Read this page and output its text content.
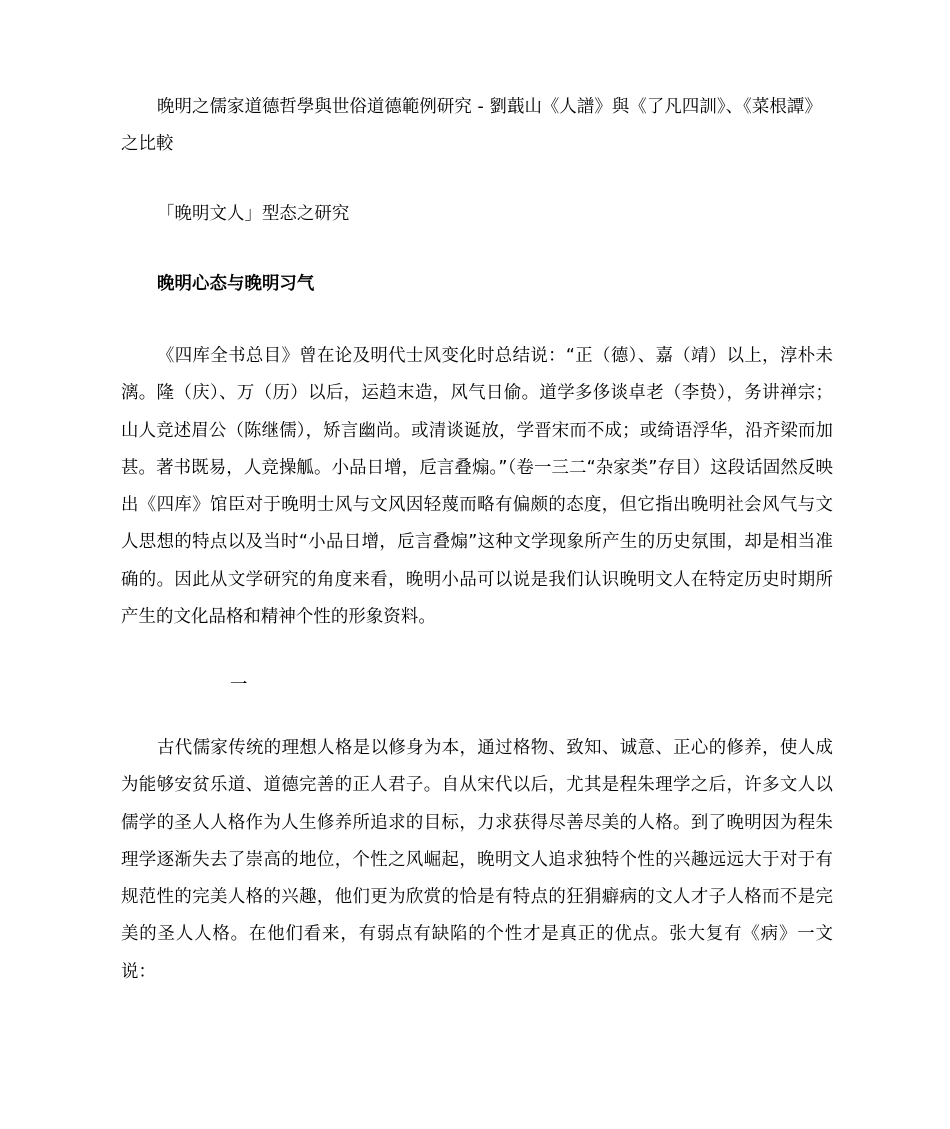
晚明之儒家道德哲學與世俗道德範例研究 - 劉蕺山《人譜》與《了凡四訓》、《菜根譚》之比較

「晚明文人」型态之研究

晚明心态与晚明习气

《四库全书总目》曾在论及明代士风变化时总结说：“正（德）、嘉（靖）以上，淳朴未漓。隆（庆）、万（历）以后，运趋末造，风气日偷。道学多侈谈卓老（李贽），务讲禅宗；山人竞述眉公（陈继儒），矫言幽尚。或清谈诞放，学晋宋而不成；或绮语浮华，沿齐梁而加甚。著书既易，人竞操觚。小品日增，卮言叠煽。”（卷一三二“杂家类”存目）这段话固然反映出《四库》馆臣对于晚明士风与文风因轻蔑而略有偏颇的态度，但它指出晚明社会风气与文人思想的特点以及当时“小品日增，卮言叠煽”这种文学现象所产生的历史氛围，却是相当准确的。因此从文学研究的角度来看，晚明小品可以说是我们认识晚明文人在特定历史时期所产生的文化品格和精神个性的形象资料。

一

古代儒家传统的理想人格是以修身为本，通过格物、致知、诚意、正心的修养，使人成为能够安贫乐道、道德完善的正人君子。自从宋代以后，尤其是程朱理学之后，许多文人以儒学的圣人人格作为人生修养所追求的目标，力求获得尽善尽美的人格。到了晚明因为程朱理学逐渐失去了崇高的地位，个性之风崛起，晚明文人追求独特个性的兴趣远远大于对于有规范性的完美人格的兴趣，他们更为欣赏的恰是有特点的狂狷癖病的文人才子人格而不是完美的圣人人格。在他们看来，有弱点有缺陷的个性才是真正的优点。张大复有《病》一文说：
